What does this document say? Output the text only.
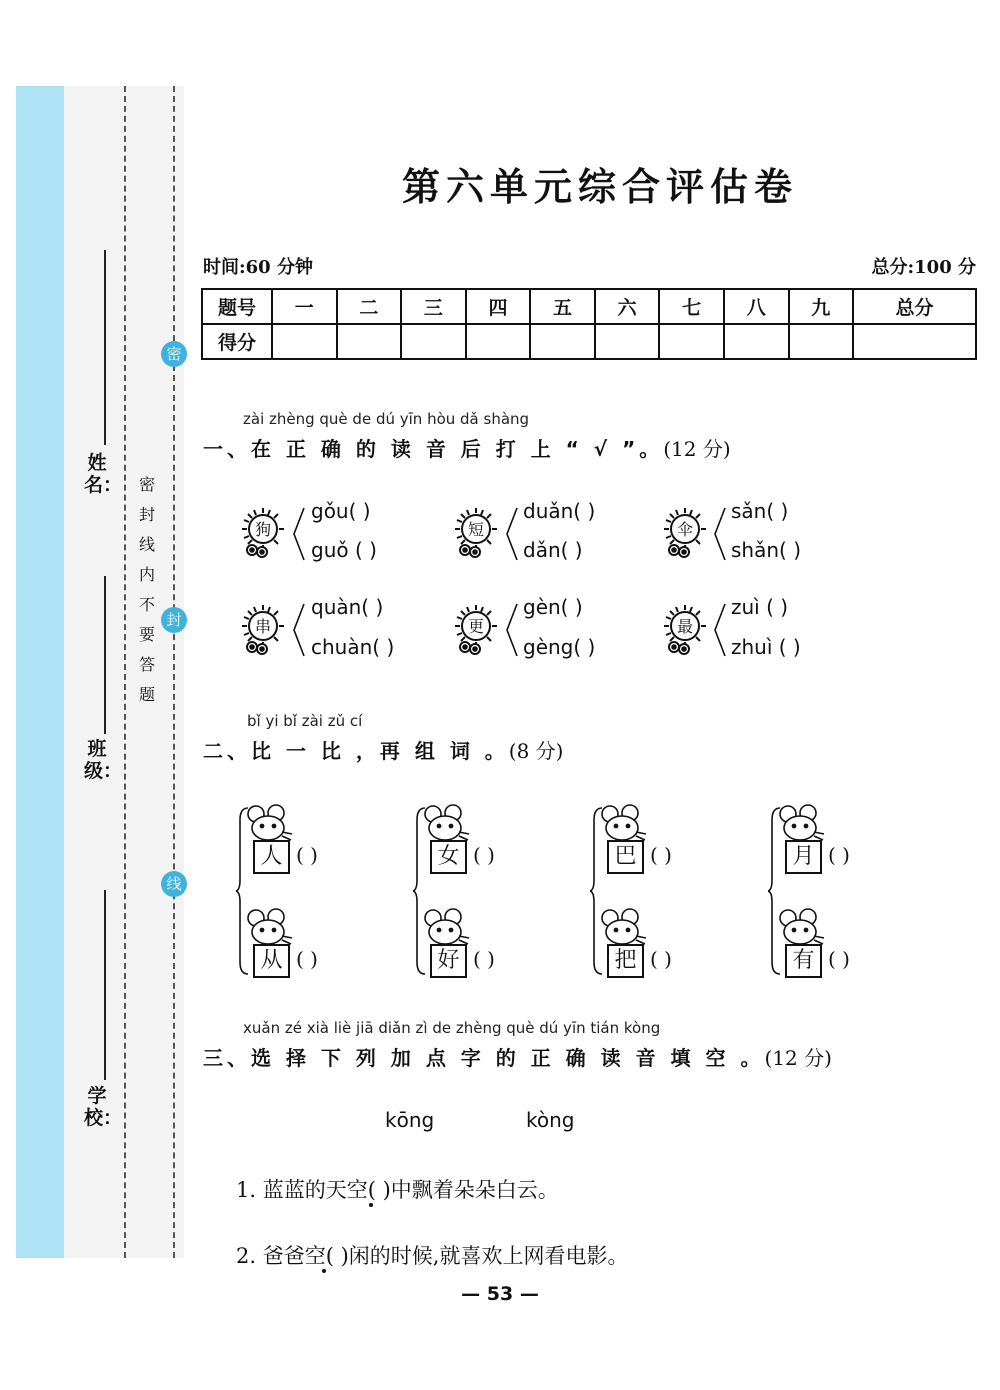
密
封
线
密
封
线
内
不
要
答
题
姓名：
班级：
学校：
第六单元综合评估卷
时间:60 分钟	总分:100 分
题号	一	二	三	四	五	六	七	八	九	总分
得分										
zài zhèng què de dú yīn hòu dǎ shàng
一、在 正 确 的 读 音 后 打 上 “ √ ”。(12 分)
狗
gǒu( )
guǒ ( )
短
duǎn( )
dǎn( )
伞
sǎn( )
shǎn( )
串
quàn( )
chuàn( )
更
gèn( )
gèng( )
最
zuì ( )
zhuì ( )
bǐ yi bǐ zài zǔ cí
二、比 一 比 ，再 组 词 。(8 分)
人 ( )
从 ( )
女 ( )
好 ( )
巴 ( )
把 ( )
月 ( )
有 ( )
xuǎn zé xià liè jiā diǎn zì de zhèng què dú yīn tián kòng
三、选 择 下 列 加 点 字 的 正 确 读 音 填 空 。(12 分)
kōng	kòng
1. 蓝蓝的天空( )中飘着朵朵白云。
2. 爸爸空( )闲的时候,就喜欢上网看电影。
— 53 —
